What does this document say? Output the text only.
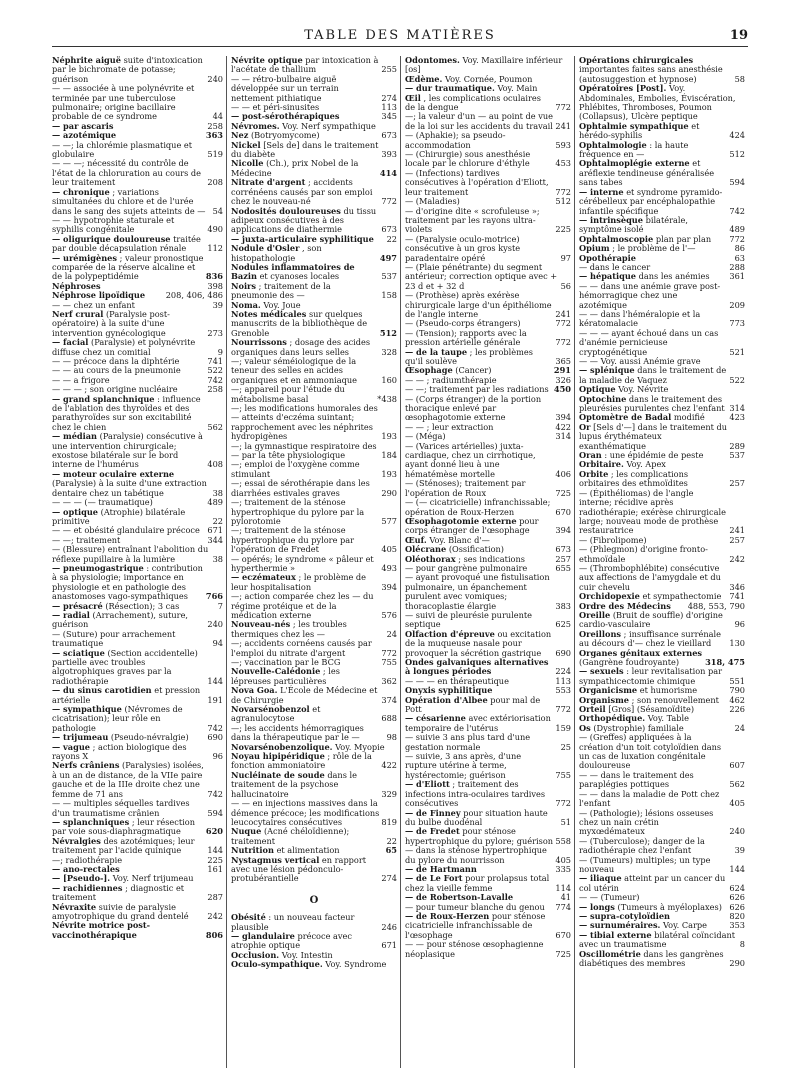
TABLE DES MATIÈRES	19
Néphrite aiguë suite d'intoxication par le bichromate de potasse; guérison	240
— — associée à une polynévrite et terminée par une tuberculose pulmonaire; origine bacillaire probable de ce syndrome	44
— par ascaris	258
— azotémique	363
— —; la chlorémie plasmatique et globulaire	519
— — —; nécessité du contrôle de l'état de la chloruration au cours de leur traitement	208
— chronique ; variations simultanées du chlore et de l'urée dans le sang des sujets atteints de — 54
— — hypotrophie staturale et syphilis congénitale	490
— oligurique douloureuse traitée par double décapsulation rénale	112
— urémigènes ; valeur pronostique comparée de la réserve alcaline et de la polypeptidémie	836
Néphroses	398
Néphrose lipoïdique	208, 406, 486
— — chez un enfant	39
Nerf crural (Paralysie post-opératoire) à la suite d'une intervention gynécologique	273
— facial (Paralysie) et polynévrite diffuse chez un comitial	9
— — précoce dans la diphtérie	741
— — au cours de la pneumonie	522
— — a frigore	742
— — — ; son origine nucléaire	258
— grand splanchnique : influence de l'ablation des thyroïdes et des parathyroïdes sur son excitabilité chez le chien	562
— médian (Paralysie) consécutive à une intervention chirurgicale; exostose bilatérale sur le bord interne de l'humérus	408
— moteur oculaire externe (Paralysie) à la suite d'une extraction dentaire chez un tabétique	38
— — — (— traumatique)	489
— optique (Atrophie) bilatérale primitive	22
— — et obésité glandulaire précoce 671
— —; traitement	344
— (Blessure) entraînant l'abolition du réflexe pupillaire à la lumière	38
— pneumogastrique : contribution à sa physiologie; importance en physiologie et en pathologie des anastomoses vago-sympathiques	766
— présacré (Résection); 3 cas	7
— radial (Arrachement), suture, guérison	240
— (Suture) pour arrachement traumatique	94
— sciatique (Section accidentelle) partielle avec troubles algotrophiques graves par la radiothérapie	144
— du sinus carotidien et pression artérielle	191
— sympathique (Névromes de cicatrisation); leur rôle en pathologie	742
— trijumeau (Pseudo-névralgie)	690
— vague ; action biologique des rayons X	96
Nerfs crâniens (Paralysies) isolées, à un an de distance, de la VIIe paire gauche et de la IIIe droite chez une femme de 71 ans	742
— — multiples séquelles tardives d'un traumatisme crânien	594
— splanchniques ; leur résection par voie sous-diaphragmatique	620
Névralgies des azotémiques; leur traitement par l'acide quinique	144
—; radiothérapie	225
— ano-rectales	161
— [Pseudo-]. Voy. Nerf trijumeau
— rachidiennes ; diagnostic et traitement	287
Névraxite suivie de paralysie amyotrophique du grand dentelé	242
Névrite motrice post-vaccinothérapique	806
Névrite optique par intoxication à l'acétate de thallium	255
— — rétro-bulbaire aiguë développée sur un terrain nettement pithiatique	274
— — et péri-sinusites	113
— post-sérothérapiques	345
Névromes. Voy. Nerf sympathique
Nez (Botryomycome)	673
Nickel [Sels de] dans le traitement du diabète	393
Nicolle (Ch.), prix Nobel de la Médecine	414
Nitrate d'argent ; accidents corrénéens causés par son emploi chez le nouveau-né	772
Nodosités douloureuses du tissu adipeux consécutives à des applications de diathermie	673
— juxta-articulaire syphilitique	22
Nodule d'Osler , son histopathologie	497
Nodules inflammatoires de Bazin et cyanoses locales	537
Noirs ; traitement de la pneumonie des —	158
Noma. Voy. Joue
Notes médicales sur quelques manuscrits de la bibliothèque de Grenoble	512
Nourrissons ; dosage des acides organiques dans leurs selles	328
—; valeur séméiologique de la teneur des selles en acides organiques et en ammoniaque	160
—; appareil pour l'étude du métabolisme basal	*438
—; les modifications humorales des — atteints d'eczéma suintant; rapprochement avec les néphrites hydropigènes	193
—; la gymnastique respiratoire des — par la tête physiologique	184
—; emploi de l'oxygène comme stimulant	193
—; essai de sérothérapie dans les diarrhées estivales graves	290
—; traitement de la sténose hypertrophique du pylore par la pylorotomie	577
—; traitement de la sténose hypertrophique du pylore par l'opération de Fredet	405
— opérés; le syndrome « pâleur et hyperthermie »	493
— eczémateux ; le problème de leur hospitalisation	394
—; action comparée chez les — du régime protéique et de la médication externe	576
Nouveau-nés ; les troubles thermiques chez les —	24
—; accidents cornéens causés par l'emploi du nitrate d'argent	772
—; vaccination par le BCG	755
Nouvelle-Calédonie ; les lépreuses particulières	362
Nova Goa. L'École de Médecine et de Chirurgie	374
Novarsénobenzol et agranulocytose	688
—; les accidents hémorragiques dans la thérapeutique par le —	98
Novarsénobenzolique. Voy. Myopie
Noyau hipipéridique ; rôle de la fonction ammoniatoire	422
Nucléinate de soude dans le traitement de la psychose hallucinatoire	329
— — en injections massives dans la démence précoce; les modifications leucocytaires consécutives	819
Nuque (Acné chéloïdienne); traitement	22
Nutrition et alimentation	65
Nystagmus vertical en rapport avec une lésion pédonculo-protubérantielle	274
O
Obésité : un nouveau facteur plausible	246
— glandulaire précoce avec atrophie optique	671
Occlusion. Voy. Intestin
Oculo-sympathique. Voy. Syndrome
Odontomes. Voy. Maxillaire inférieur [os]
Œdème. Voy. Cornée, Poumon
— dur traumatique. Voy. Main
Œil , les complications oculaires de la dengue	772
—; la valeur d'un — au point de vue de la loi sur les accidents du travail 241
— (Aphakie); sa pseudo-accommodation	593
— (Chirurgie) sous anesthésie locale par le chlorure d'éthyle	453
— (Infections) tardives consécutives à l'opération d'Eliott, leur traitement	772
— (Maladies)	512
— d'origine dite « scrofuleuse »; traitement par les rayons ultra-violets	225
— (Paralysie oculo-motrice) consécutive à un gros kyste paradentaire opéré	97
— (Plaie pénétrante) du segment antérieur; correction optique avec + 23 d et + 32 d	56
— (Prothèse) après exérèse chirurgicale large d'un épithéliome de l'angle interne	241
— (Pseudo-corps étrangers)	772
— (Tension); rapports avec la pression artérielle générale	772
— de la taupe ; les problèmes qu'il soulève	365
Œsophage (Cancer)	291
— — ; radiumthérapie	326
— —; traitement par les radiations 450
— (Corps étranger) de la portion thoracique enlevé par œsophagotomie externe	394
— — ; leur extraction	422
— (Méga)	314
— (Varices artérielles) juxta-cardiaque, chez un cirrhotique, ayant donné lieu à une hématémèse mortelle	406
— (Sténoses); traitement par l'opération de Roux	725
— (— cicatricielle) infranchissable; opération de Roux-Herzen	670
Œsophagotomie externe pour corps étranger de l'œsophage	394
Œuf. Voy. Blanc d'—
Olécrane (Ossification)	673
Oléothorax ; ses indications	257
— pour gangrène pulmonaire	655
— ayant provoqué une fistulisation pulmonaire, un épanchement purulent avec vomiques; thoracoplastie élargie	383
— suivi de pleurésie purulente septique	625
Olfaction d'épreuve ou excitation de la muqueuse nasale pour provoquer la sécrétion gastrique	690
Ondes galvaniques alternatives à longues périodes	224
— — — en thérapeutique	113
Onyxis syphilitique	553
Opération d'Albee pour mal de Pott	772
— césarienne avec extériorisation temporaire de l'utérus	159
— suivie 3 ans plus tard d'une gestation normale	25
— suivie, 3 ans après, d'une rupture utérine à terme, hystérectomie; guérison	755
— d'Eliott ; traitement des infections intra-oculaires tardives consécutives	772
— de Finney pour situation haute du bulbe duodénal	51
— de Fredet pour sténose hypertrophique du pylore; guérison 558
— dans la sténose hypertrophique du pylore du nourrisson	405
— de Hartmann	335
— de Le Fort pour prolapsus total chez la vieille femme	114
— de Robertson-Lavalle	41
— pour tumeur blanche du genou	774
— de Roux-Herzen pour sténose cicatricielle infranchissable de l'œsophage	670
— — pour sténose œsophagienne néoplasique	725
Opérations chirurgicales importantes faites sans anesthésie (autosuggestion et hypnose)	58
Opératoires [Post]. Voy. Abdominales, Embolies, Éviscération, Phlébites, Thromboses, Poumon (Collapsus), Ulcère peptique
Ophtalmie sympathique et hérédo-syphilis	424
Ophtalmologie : la haute fréquence en —	512
Ophtalmoplégie externe et aréflexie tendineuse généralisée sans tabes	594
— interne et syndrome pyramido-cérébelleux par encéphalopathie infantile spécifique	742
— intrinsèque bilatérale, symptôme isolé	489
Ophtalmoscopie plan par plan	772
Opium ; le problème de l'—	86
Opothérapie	63
— dans le cancer	288
— hépatique dans les anémies	361
— — dans une anémie grave post-hémorragique chez une azotémique	209
— — dans l'héméralopie et la kératomalacie	773
— — — ayant échoué dans un cas d'anémie pernicieuse cryptogénétique	521
— — Voy. aussi Anémie grave
— splénique dans le traitement de la maladie de Vaquez	522
Optique Voy. Névrite
Optochine dans le traitement des pleurésies purulentes chez l'enfant 314
Optomètre de Badal modifié	423
Or [Sels d'—] dans le traitement du lupus érythémateux exanthématique	289
Oran : une épidémie de peste	537
Orbitaire. Voy. Apex
Orbite ; les complications orbitaires des ethmoïdites	257
— (Épithéliomas) de l'angle interne; récidive après radiothérapie; exérèse chirurgicale large; nouveau mode de prothèse restauratrice	241
— (Fibrolipome)	257
— (Phlegmon) d'origine fronto-ethmoïdale	242
— (Thrombophlébite) consécutive aux affections de l'amygdale et du cuir chevelu	346
Orchidopexie et sympathectomie 741
Ordre des Médecins	488, 553, 790
Oreille (Bruit de souffle) d'origine cardio-vasculaire	96
Oreillons ; insuffisance surrénale au décours d'— chez le vieillard	130
Organes génitaux externes (Gangrène foudroyante)	318, 475
— sexuels : leur revitalisation par sympathicectomie chimique	551
Organicisme et humorisme	790
Organisme ; son renouvellement	462
Orteil [Gros] (Sésamoïdite)	226
Orthopédique. Voy. Table
Os (Dystrophie) familiale	24
— (Greffes) appliquées à la création d'un toit cotyloïdien dans un cas de luxation congénitale douloureuse	607
— — dans le traitement des paraplégies pottiques	562
— — dans la maladie de Pott chez l'enfant	405
— (Pathologie); lésions osseuses chez un nain crétin myxœdémateux	240
— (Tuberculose); danger de la radiothérapie chez l'enfant	39
— (Tumeurs) multiples; un type nouveau	144
— iliaque atteint par un cancer du col utérin	624
— — (Tumeur)	626
— longs (Tumeurs à myéloplaxes) 626
— supra-cotyloïdien	820
— surnuméraires. Voy. Carpe	353
— tibial externe bilatéral coïncidant avec un traumatisme	8
Oscillométrie dans les gangrènes diabétiques des membres	290
